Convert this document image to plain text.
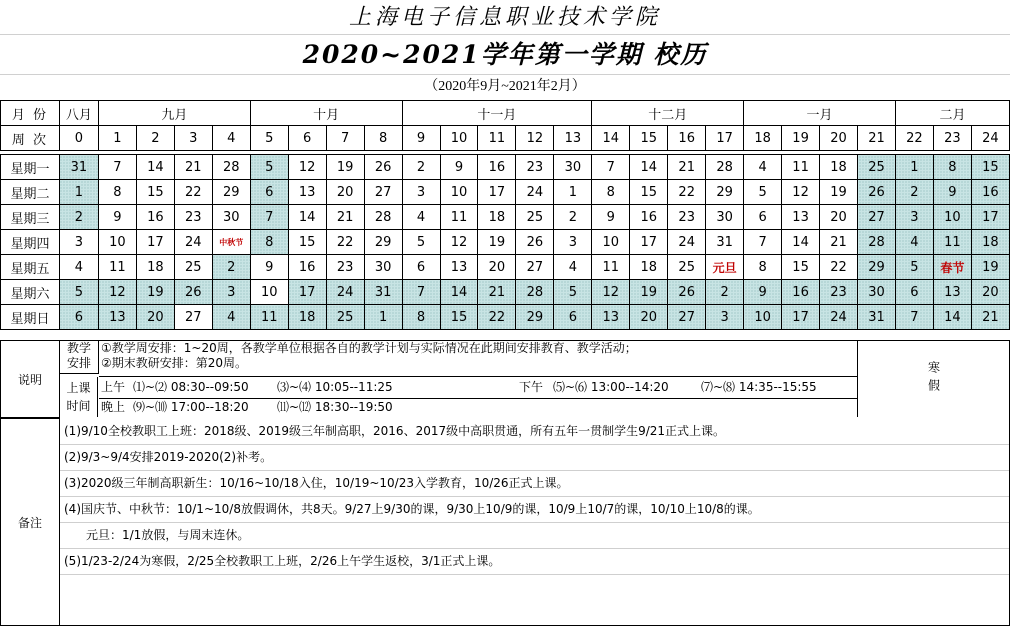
上海电子信息职业技术学院
2020~2021学年第一学期 校历
（2020年9月~2021年2月）
月 份	八月	九月				十月				十一月					十二月				一月				二月		
周 次	0	1	2	3	4	5	6	7	8	9	10	11	12	13	14	15	16	17	18	19	20	21	22	23	24

星期一	31	7	14	21	28	5	12	19	26	2	9	16	23	30	7	14	21	28	4	11	18	25	1	8	15
星期二	1	8	15	22	29	6	13	20	27	3	10	17	24	1	8	15	22	29	5	12	19	26	2	9	16
星期三	2	9	16	23	30	7	14	21	28	4	11	18	25	2	9	16	23	30	6	13	20	27	3	10	17
星期四	3	10	17	24	中秋节	8	15	22	29	5	12	19	26	3	10	17	24	31	7	14	21	28	4	11	18
星期五	4	11	18	25	2	9	16	23	30	6	13	20	27	4	11	18	25	元旦	8	15	22	29	5	春节	19
星期六	5	12	19	26	3	10	17	24	31	7	14	21	28	5	12	19	26	2	9	16	23	30	6	13	20
星期日	6	13	20	27	4	11	18	25	1	8	15	22	29	6	13	20	27	3	10	17	24	31	7	14	21
说明
教学
安排
①教学周安排：1~20周，各教学单位根据各自的教学计划与实际情况在此期间安排教育、教学活动；
②期末教研安排：第20周。
上课
时间
上午 ⑴~⑵ 08:30--09:50 ⑶~⑷ 10:05--11:25	下午 ⑸~⑹ 13:00--14:20	⑺~⑻ 14:35--15:55
晚上 ⑼~⑽ 17:00--18:20 ⑾~⑿ 18:30--19:50
寒假
备注
(1)9/10全校教职工上班：2018级、2019级三年制高职，2016、2017级中高职贯通，所有五年一贯制学生9/21正式上课。
(2)9/3~9/4安排2019-2020(2)补考。
(3)2020级三年制高职新生：10/16~10/18入住，10/19~10/23入学教育，10/26正式上课。
(4)国庆节、中秋节：10/1~10/8放假调休，共8天。9/27上9/30的课，9/30上10/9的课，10/9上10/7的课，10/10上10/8的课。
元旦：1/1放假，与周末连休。
(5)1/23-2/24为寒假，2/25全校教职工上班，2/26上午学生返校，3/1正式上课。
